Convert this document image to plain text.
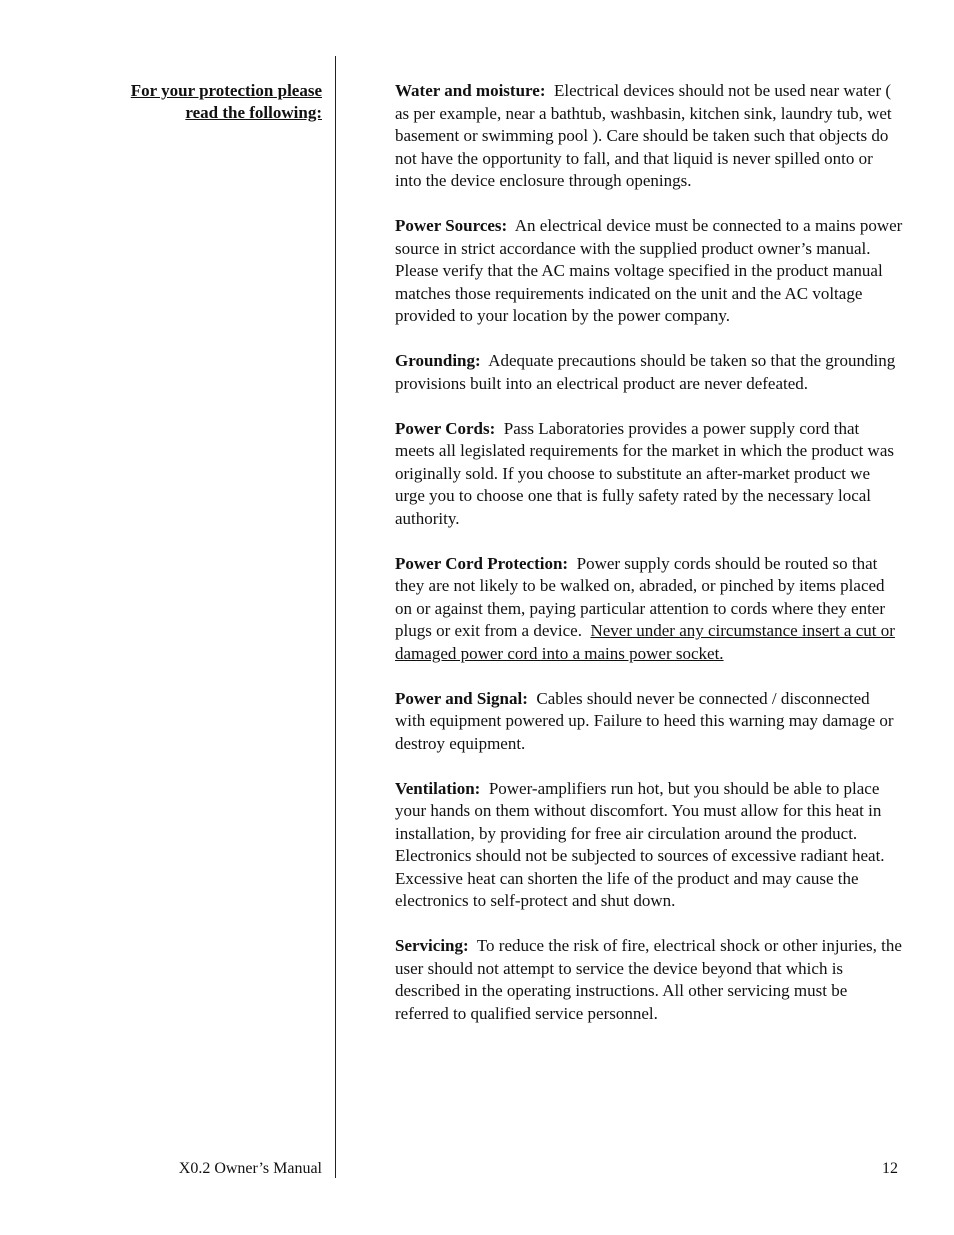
For your protection please
read the following:

Water and moisture: Electrical devices should not be used near water ( as per example, near a bathtub, washbasin, kitchen sink, laundry tub, wet basement or swimming pool ). Care should be taken such that objects do not have the opportunity to fall, and that liquid is never spilled onto or into the device enclosure through openings.

Power Sources: An electrical device must be connected to a mains power source in strict accordance with the supplied product owner’s manual. Please verify that the AC mains voltage specified in the product manual matches those requirements indicated on the unit and the AC voltage provided to your location by the power company.

Grounding: Adequate precautions should be taken so that the grounding provisions built into an electrical product are never defeated.

Power Cords: Pass Laboratories provides a power supply cord that meets all legislated requirements for the market in which the product was originally sold. If you choose to substitute an after-market product we urge you to choose one that is fully safety rated by the necessary local authority.

Power Cord Protection: Power supply cords should be routed so that they are not likely to be walked on, abraded, or pinched by items placed on or against them, paying particular attention to cords where they enter plugs or exit from a device. Never under any circumstance insert a cut or damaged power cord into a mains power socket.

Power and Signal: Cables should never be connected / disconnected with equipment powered up. Failure to heed this warning may damage or destroy equipment.

Ventilation: Power-amplifiers run hot, but you should be able to place your hands on them without discomfort. You must allow for this heat in installation, by providing for free air circulation around the product. Electronics should not be subjected to sources of excessive radiant heat. Excessive heat can shorten the life of the product and may cause the electronics to self-protect and shut down.

Servicing: To reduce the risk of fire, electrical shock or other injuries, the user should not attempt to service the device beyond that which is described in the operating instructions. All other servicing must be referred to qualified service personnel.

X0.2 Owner’s Manual	12
